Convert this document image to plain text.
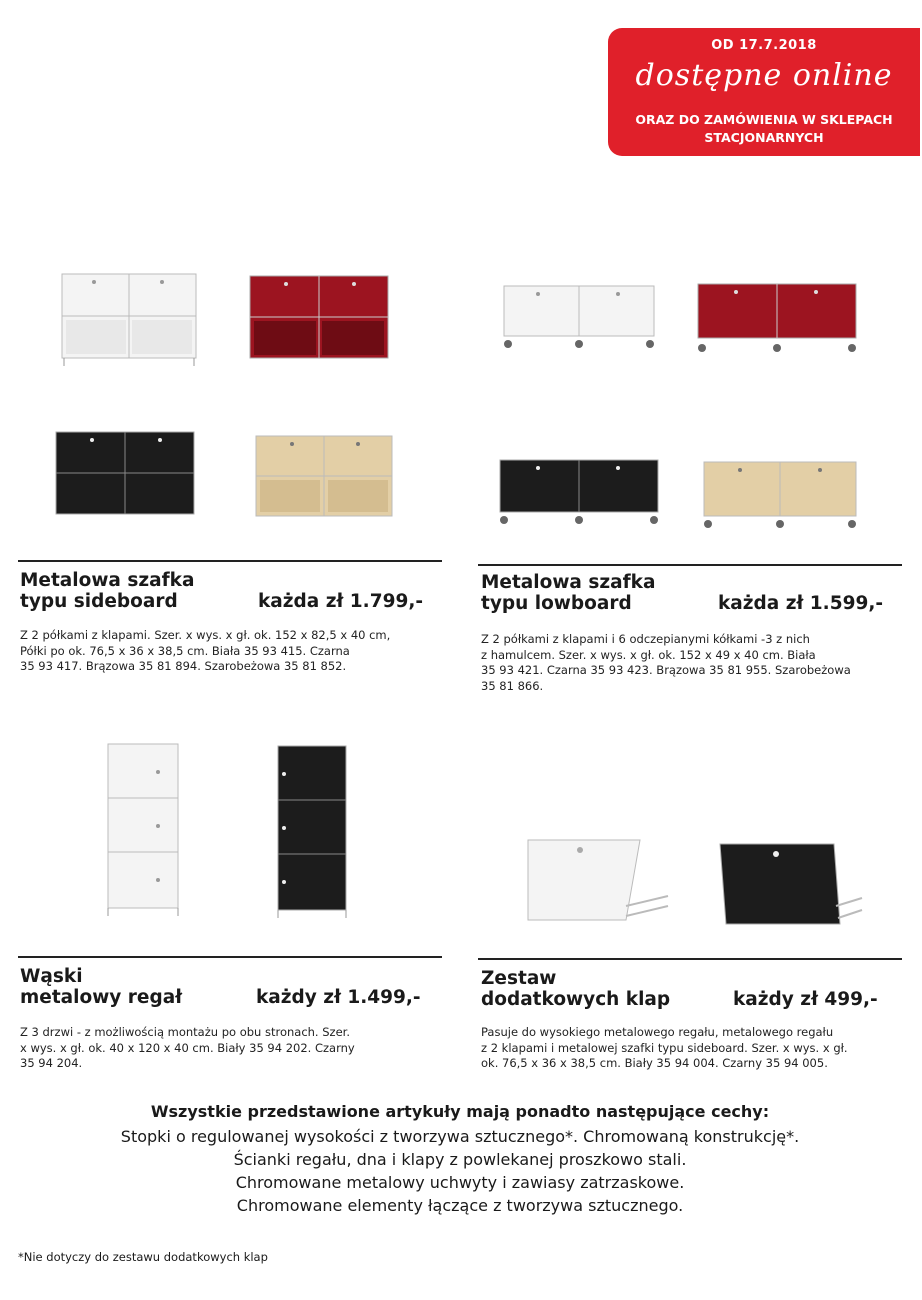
OD 17.7.2018
dostępne online
ORAZ DO ZAMÓWIENIA W SKLEPACH
STACJONARNYCH
Metalowa szafka
typu sideboard	każda zł 1.799,-
Z 2 półkami z klapami. Szer. x wys. x gł. ok. 152 x 82,5 x 40 cm,
Półki po ok. 76,5 x 36 x 38,5 cm. Biała 35 93 415. Czarna
35 93 417. Brązowa 35 81 894. Szarobeżowa 35 81 852.
Metalowa szafka
typu lowboard	każda zł 1.599,-
Z 2 półkami z klapami i 6 odczepianymi kółkami -3 z nich
z hamulcem. Szer. x wys. x gł. ok. 152 x 49 x 40 cm. Biała
35 93 421. Czarna 35 93 423. Brązowa 35 81 955. Szarobeżowa
35 81 866.
Wąski
metalowy regał	każdy zł 1.499,-
Z 3 drzwi - z możliwością montażu po obu stronach. Szer.
x wys. x gł. ok. 40 x 120 x 40 cm. Biały 35 94 202. Czarny
35 94 204.
Zestaw
dodatkowych klap	każdy zł 499,-
Pasuje do wysokiego metalowego regału, metalowego regału
z 2 klapami i metalowej szafki typu sideboard. Szer. x wys. x gł.
ok. 76,5 x 36 x 38,5 cm. Biały 35 94 004. Czarny 35 94 005.
Wszystkie przedstawione artykuły mają ponadto następujące cechy:
Stopki o regulowanej wysokości z tworzywa sztucznego*. Chromowaną konstrukcję*.
Ścianki regału, dna i klapy z powlekanej proszkowo stali.
Chromowane metalowy uchwyty i zawiasy zatrzaskowe.
Chromowane elementy łączące z tworzywa sztucznego.
*Nie dotyczy do zestawu dodatkowych klap
